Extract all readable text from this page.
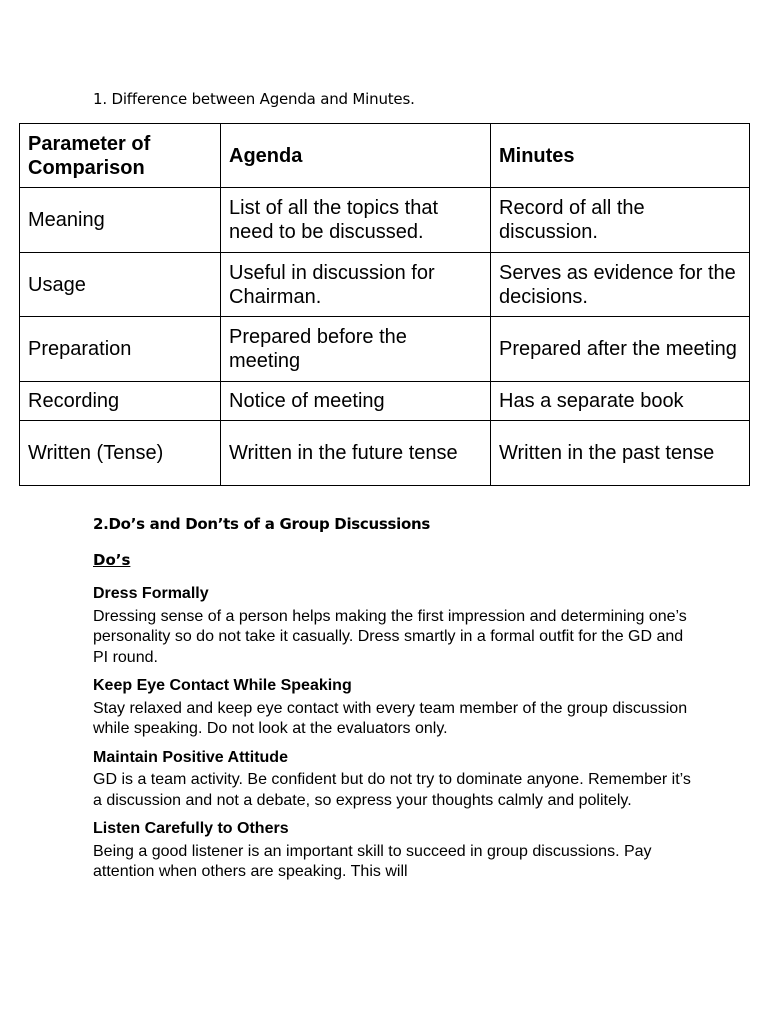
1. Difference between Agenda and Minutes.
Parameter of Comparison	Agenda	Minutes
Meaning	List of all the topics that need to be discussed.	Record of all the discussion.
Usage	Useful in discussion for Chairman.	Serves as evidence for the decisions.
Preparation	Prepared before the meeting	Prepared after the meeting
Recording	Notice of meeting	Has a separate book
Written (Tense)	Written in the future tense	Written in the past tense
2.Do’s and Don’ts of a Group Discussions
Do’s

Dress Formally

Dressing sense of a person helps making the first impression and determining one’s personality so do not take it casually. Dress smartly in a formal outfit for the GD and PI round.

Keep Eye Contact While Speaking

Stay relaxed and keep eye contact with every team member of the group discussion while speaking. Do not look at the evaluators only.

Maintain Positive Attitude

GD is a team activity. Be confident but do not try to dominate anyone. Remember it’s a discussion and not a debate, so express your thoughts calmly and politely.

Listen Carefully to Others

Being a good listener is an important skill to succeed in group discussions. Pay attention when others are speaking. This will
